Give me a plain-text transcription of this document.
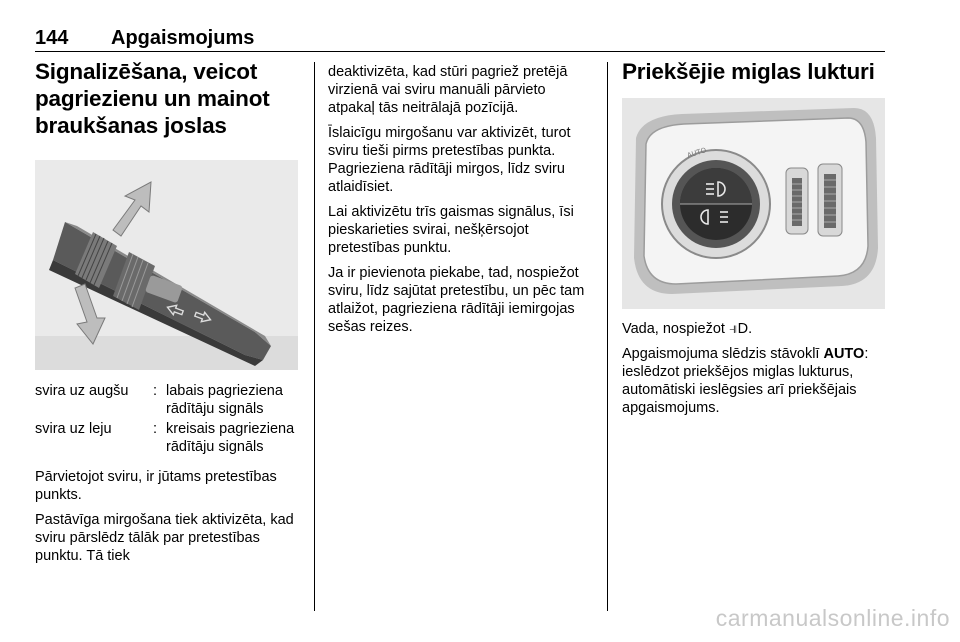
144 Apgaismojums
Signalizēšana, veicot pagriezienu un mainot braukšanas joslas
svira uz augšu	: labais pagrieziena rādītāju signāls
svira uz leju	: kreisais pagrieziena rādītāju signāls

Pārvietojot sviru, ir jūtams pretestības punkts.

Pastāvīga mirgošana tiek aktivizēta, kad sviru pārslēdz tālāk par pretestības punktu. Tā tiek

deaktivizēta, kad stūri pagriež pretējā virzienā vai sviru manuāli pārvieto atpakaļ tās neitrālajā pozīcijā.

Īslaicīgu mirgošanu var aktivizēt, turot sviru tieši pirms pretestības punkta. Pagrieziena rādītāji mirgos, līdz sviru atlaidīsiet.

Lai aktivizētu trīs gaismas signālus, īsi pieskarieties svirai, nešķērsojot pretestības punktu.

Ja ir pievienota piekabe, tad, nospiežot sviru, līdz sajūtat pretestību, un pēc tam atlaižot, pagrieziena rādītāji iemirgojas sešas reizes.

Priekšējie miglas lukturi
AUTO

Vada, nospiežot ⫣D.

Apgaismojuma slēdzis stāvoklī AUTO: ieslēdzot priekšējos miglas lukturus, automātiski ieslēgsies arī priekšējais apgaismojums.

carmanualsonline.info
